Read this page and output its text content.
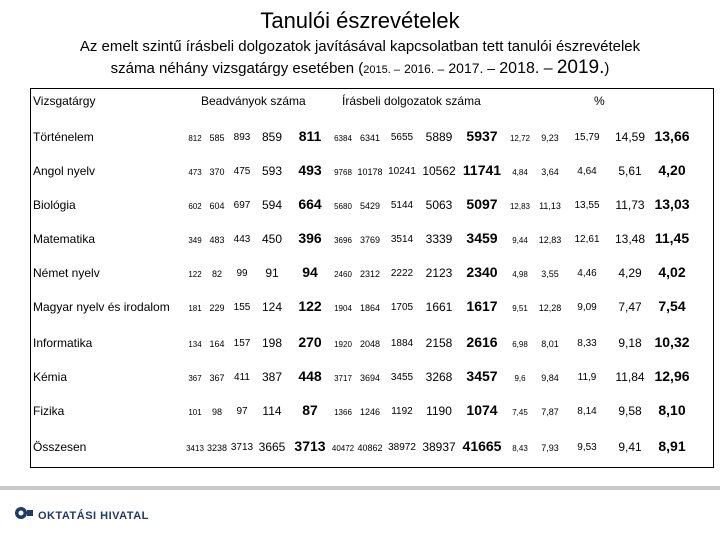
Tanulói észrevételek
Az emelt szintű írásbeli dolgozatok javításával kapcsolatban tett tanulói észrevételek
száma néhány vizsgatárgy esetében (2015. – 2016. – 2017. – 2018. – 2019.)
Vizsgatárgy	Beadványok száma	Írásbeli dolgozatok száma	%
Történelem	812 585 893 859 811 6384 6341 5655 5889 5937 12,72 9,23 15,79 14,59 13,66
Angol nyelv	473 370 475 593 493 9768 10178 10241 10562 11741 4,84 3,64 4,64 5,61 4,20
Biológia	602 604 697 594 664 5680 5429 5144 5063 5097 12,83 11,13 13,55 11,73 13,03
Matematika	349 483 443 450 396 3696 3769 3514 3339 3459 9,44 12,83 12,61 13,48 11,45
Német nyelv	122 82 99 91 94 2460 2312 2222 2123 2340 4,98 3,55 4,46 4,29 4,02
Magyar nyelv és irodalom 181 229 155 124 122 1904 1864 1705 1661 1617 9,51 12,28 9,09 7,47 7,54
Informatika	134 164 157 198 270 1920 2048 1884 2158 2616 6,98 8,01 8,33 9,18 10,32
Kémia	367 367 411 387 448 3717 3694 3455 3268 3457 9,6 9,84 11,9 11,84 12,96
Fizika	101 98 97 114 87 1366 1246 1192 1190 1074 7,45 7,87 8,14 9,58 8,10
Összesen	3413 3238 3713 3665 3713 40472 40862 38972 38937 41665 8,43 7,93 9,53 9,41 8,91
OKTATÁSI HIVATAL
